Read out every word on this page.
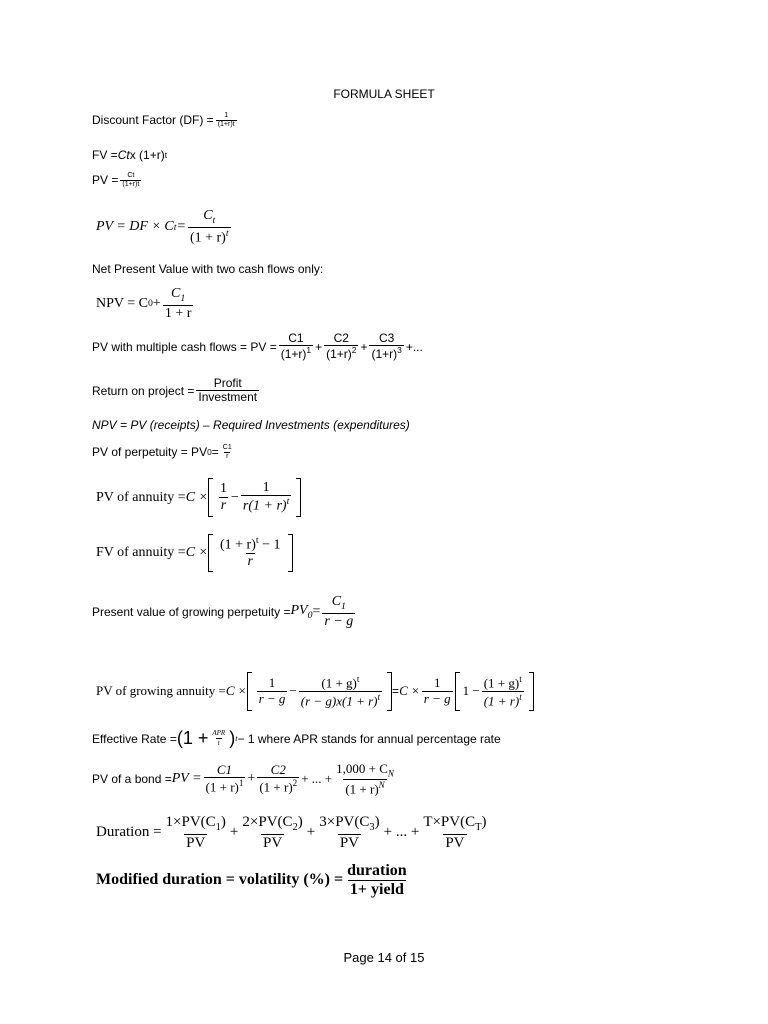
FORMULA SHEET
Discount Factor $(DF) = \frac{1}{(1+r)t}$
FV = Ct x (1+r) t
PV = $\frac{Ct}{(1+r)t}$
PV = DF × C $t = \frac{C_t}{(1 + r)^t}$
Net Present Value with two cash flows only:
NPV = C $0 + \frac{C_1}{1 + r}$
PV with multiple cash flows = PV = $\frac{C1}{(1+r)^1} + \frac{C2}{(1+r)^2} + \frac{C3}{(1+r)^3}$ +...
Return on project = $\frac{\text{Profit}}{\text{Investment}}$
NPV = PV (receipts) – Required Investments (expenditures)
PV of perpetuity = PV $0 = \frac{C1}{r}$
PV of annuity = $C \times \frac{1}{r} - \frac{1}{r(1 + r)^t}$
FV of annuity = $C \times \frac{(1 + r)^t - 1}{r}$
Present value of growing perpetuity = $PV_0 = \frac{C_1}{r - g}$
PV of growing annuity = $C \times \frac{1}{r - g} - \frac{(1 + g)^t}{(r - g)x(1 + r)^t} = C \times \frac{1}{r - g} 1 - \frac{(1 + g)^t}{(1 + r)^t}$
Effective Rate = ($1 + \frac{\text{APR}}{t}$ ) t − 1 where APR stands for annual percentage rate
PV of a bond = PV = $\frac{C1}{(1 + r)^1} + \frac{C2}{(1 + r)^2}$ + ... + $\frac{1,000 + C_N}{(1 + r)^N}$
Duration = $\frac{1\times PV(C_1)}{PV} + \frac{2\times PV(C_2)}{PV} + \frac{3\times PV(C_3)}{PV}$ + ... + $\frac{T\times PV(C_T)}{PV}$
Modified duration = volatility (%) = $\frac{\text{duration}}{\text{1+ yield}}$
Page 14 of 15
